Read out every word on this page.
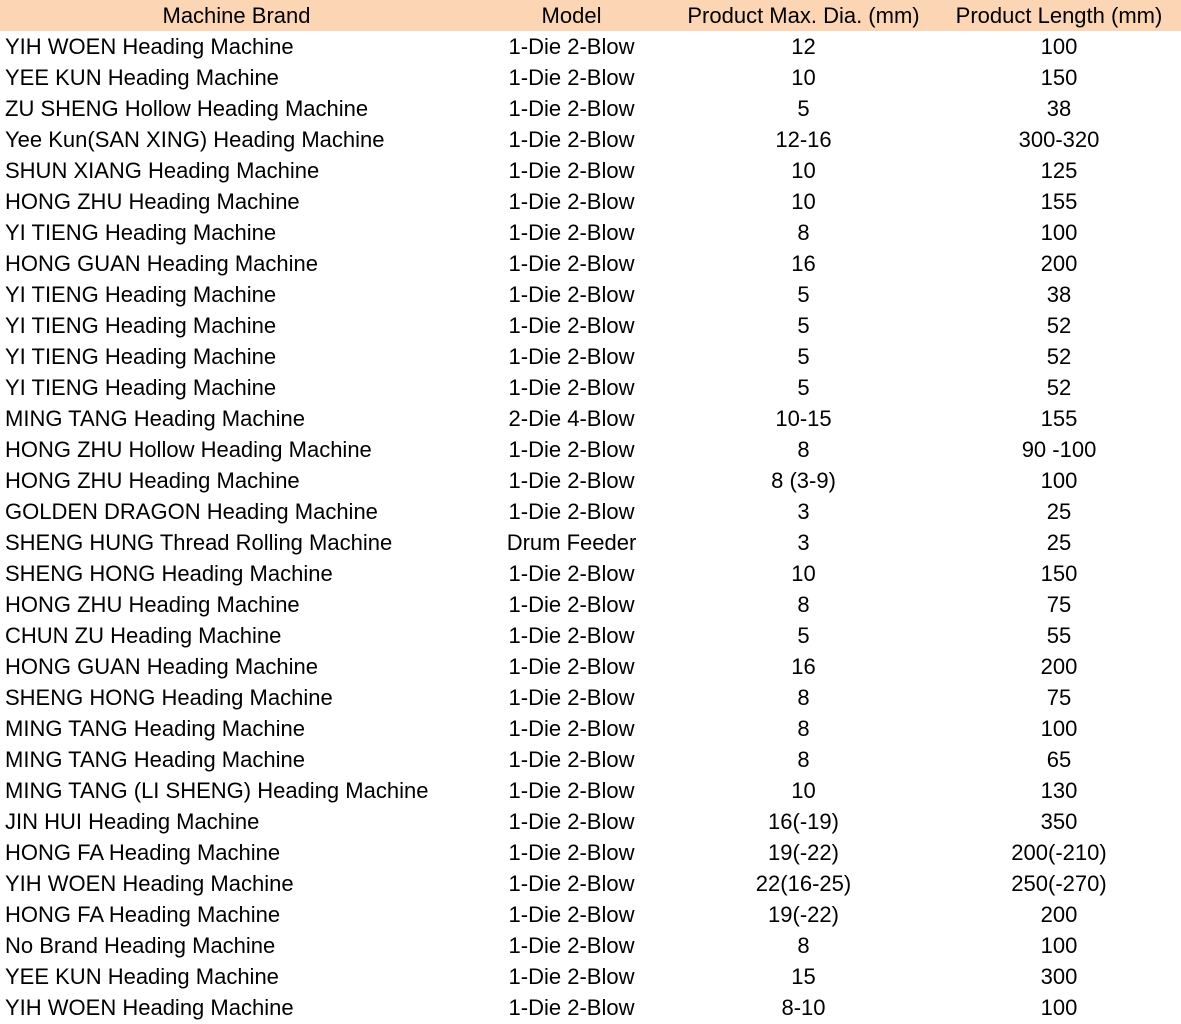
Machine Brand	Model	Product Max. Dia. (mm)	Product Length (mm)
YIH WOEN Heading Machine	1-Die 2-Blow	12	100
YEE KUN Heading Machine	1-Die 2-Blow	10	150
ZU SHENG Hollow Heading Machine	1-Die 2-Blow	5	38
Yee Kun(SAN XING) Heading Machine	1-Die 2-Blow	12-16	300-320
SHUN XIANG Heading Machine	1-Die 2-Blow	10	125
HONG ZHU Heading Machine	1-Die 2-Blow	10	155
YI TIENG Heading Machine	1-Die 2-Blow	8	100
HONG GUAN Heading Machine	1-Die 2-Blow	16	200
YI TIENG Heading Machine	1-Die 2-Blow	5	38
YI TIENG Heading Machine	1-Die 2-Blow	5	52
YI TIENG Heading Machine	1-Die 2-Blow	5	52
YI TIENG Heading Machine	1-Die 2-Blow	5	52
MING TANG Heading Machine	2-Die 4-Blow	10-15	155
HONG ZHU Hollow Heading Machine	1-Die 2-Blow	8	90 -100
HONG ZHU Heading Machine	1-Die 2-Blow	8 (3-9)	100
GOLDEN DRAGON Heading Machine	1-Die 2-Blow	3	25
SHENG HUNG Thread Rolling Machine	Drum Feeder	3	25
SHENG HONG Heading Machine	1-Die 2-Blow	10	150
HONG ZHU Heading Machine	1-Die 2-Blow	8	75
CHUN ZU Heading Machine	1-Die 2-Blow	5	55
HONG GUAN Heading Machine	1-Die 2-Blow	16	200
SHENG HONG Heading Machine	1-Die 2-Blow	8	75
MING TANG Heading Machine	1-Die 2-Blow	8	100
MING TANG Heading Machine	1-Die 2-Blow	8	65
MING TANG (LI SHENG) Heading Machine	1-Die 2-Blow	10	130
JIN HUI Heading Machine	1-Die 2-Blow	16(-19)	350
HONG FA Heading Machine	1-Die 2-Blow	19(-22)	200(-210)
YIH WOEN Heading Machine	1-Die 2-Blow	22(16-25)	250(-270)
HONG FA Heading Machine	1-Die 2-Blow	19(-22)	200
No Brand Heading Machine	1-Die 2-Blow	8	100
YEE KUN Heading Machine	1-Die 2-Blow	15	300
YIH WOEN Heading Machine	1-Die 2-Blow	8-10	100
